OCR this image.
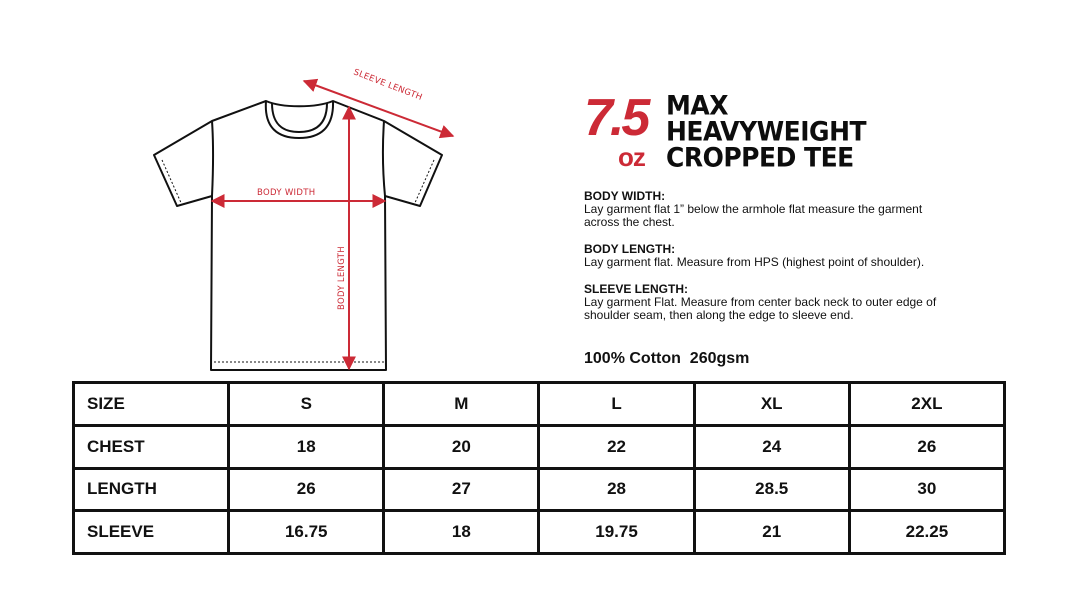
SLEEVE LENGTH
BODY WIDTH
BODY LENGTH
7.5
oz
MAX
HEAVYWEIGHT
CROPPED TEE
BODY WIDTH:
Lay garment flat 1” below the armhole flat measure the garment across the chest.
BODY LENGTH:
Lay garment flat. Measure from HPS (highest point of shoulder).
SLEEVE LENGTH:
Lay garment Flat. Measure from center back neck to outer edge of shoulder seam, then along the edge to sleeve end.
100% Cotton  260gsm
SIZE	S	M	L	XL	2XL
CHEST	18	20	22	24	26
LENGTH	26	27	28	28.5	30
SLEEVE	16.75	18	19.75	21	22.25
